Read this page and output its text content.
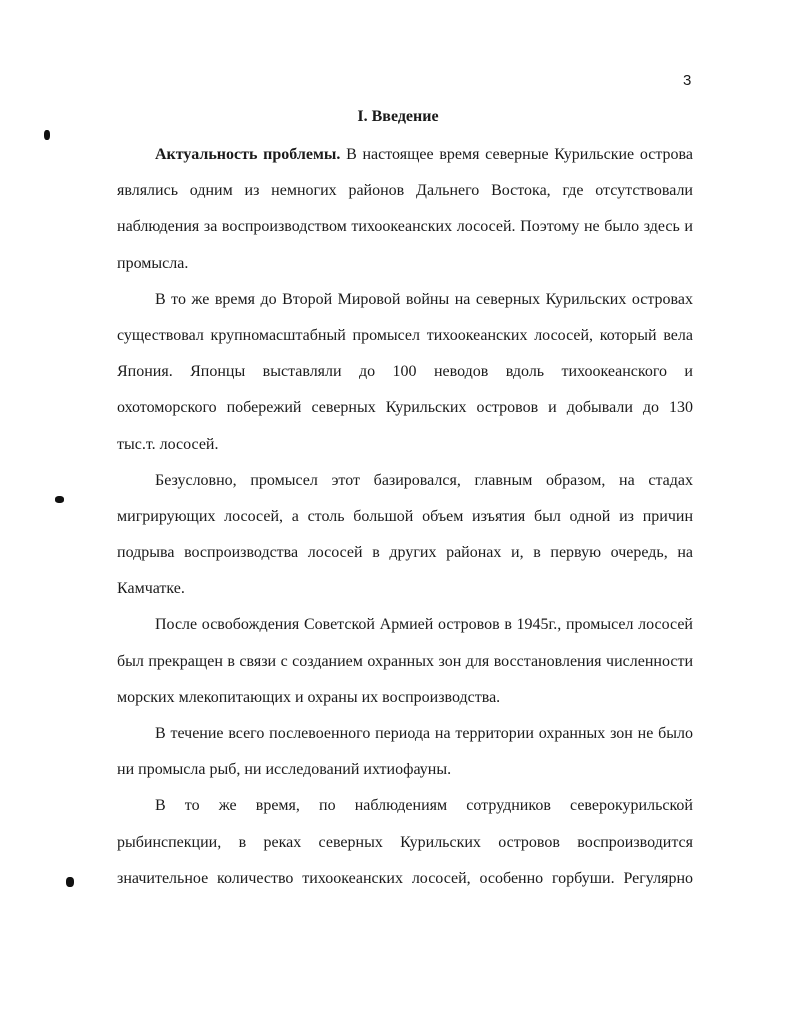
3
I. Введение
Актуальность проблемы. В настоящее время северные Курильские острова
являлись одним из немногих районов Дальнего Востока, где отсутствовали
наблюдения за воспроизводством тихоокеанских лососей. Поэтому не было здесь и
промысла.
В то же время до Второй Мировой войны на северных Курильских островах
существовал крупномасштабный промысел тихоокеанских лососей, который вела
Япония. Японцы выставляли до 100 неводов вдоль тихоокеанского и
охотоморского побережий северных Курильских островов и добывали до 130
тыс.т. лососей.
Безусловно, промысел этот базировался, главным образом, на стадах
мигрирующих лососей, а столь большой объем изъятия был одной из причин
подрыва воспроизводства лососей в других районах и, в первую очередь, на
Камчатке.
После освобождения Советской Армией островов в 1945г., промысел лососей
был прекращен в связи с созданием охранных зон для восстановления численности
морских млекопитающих и охраны их воспроизводства.
В течение всего послевоенного периода на территории охранных зон не было
ни промысла рыб, ни исследований ихтиофауны.
В то же время, по наблюдениям сотрудников северокурильской
рыбинспекции, в реках северных Курильских островов воспроизводится
значительное количество тихоокеанских лососей, особенно горбуши. Регулярно
